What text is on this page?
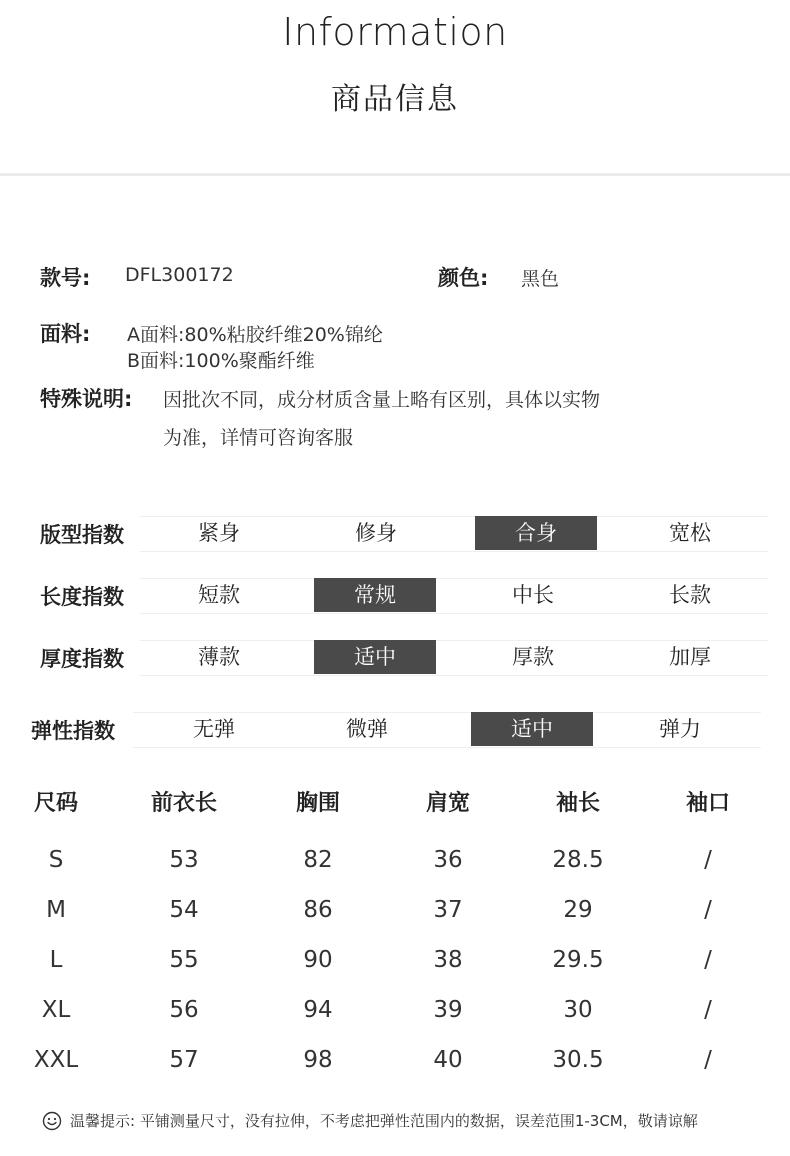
Information
商品信息
款号: DFL300172	颜色: 黑色
面料: A面料:80%粘胶纤维20%锦纶
B面料:100%聚酯纤维
特殊说明: 因批次不同，成分材质含量上略有区别，具体以实物
为准，详情可咨询客服
版型指数	紧身	修身	合身	宽松
长度指数	短款	常规	中长	长款
厚度指数	薄款	适中	厚款	加厚
弹性指数	无弹	微弹	适中	弹力
尺码	前衣长	胸围	肩宽	袖长	袖口
S	53	82	36	28.5	/
M	54	86	37	29	/
L	55	90	38	29.5	/
XL	56	94	39	30	/
XXL	57	98	40	30.5	/
温馨提示: 平铺测量尺寸，没有拉伸，不考虑把弹性范围内的数据，误差范围1-3CM，敬请谅解
